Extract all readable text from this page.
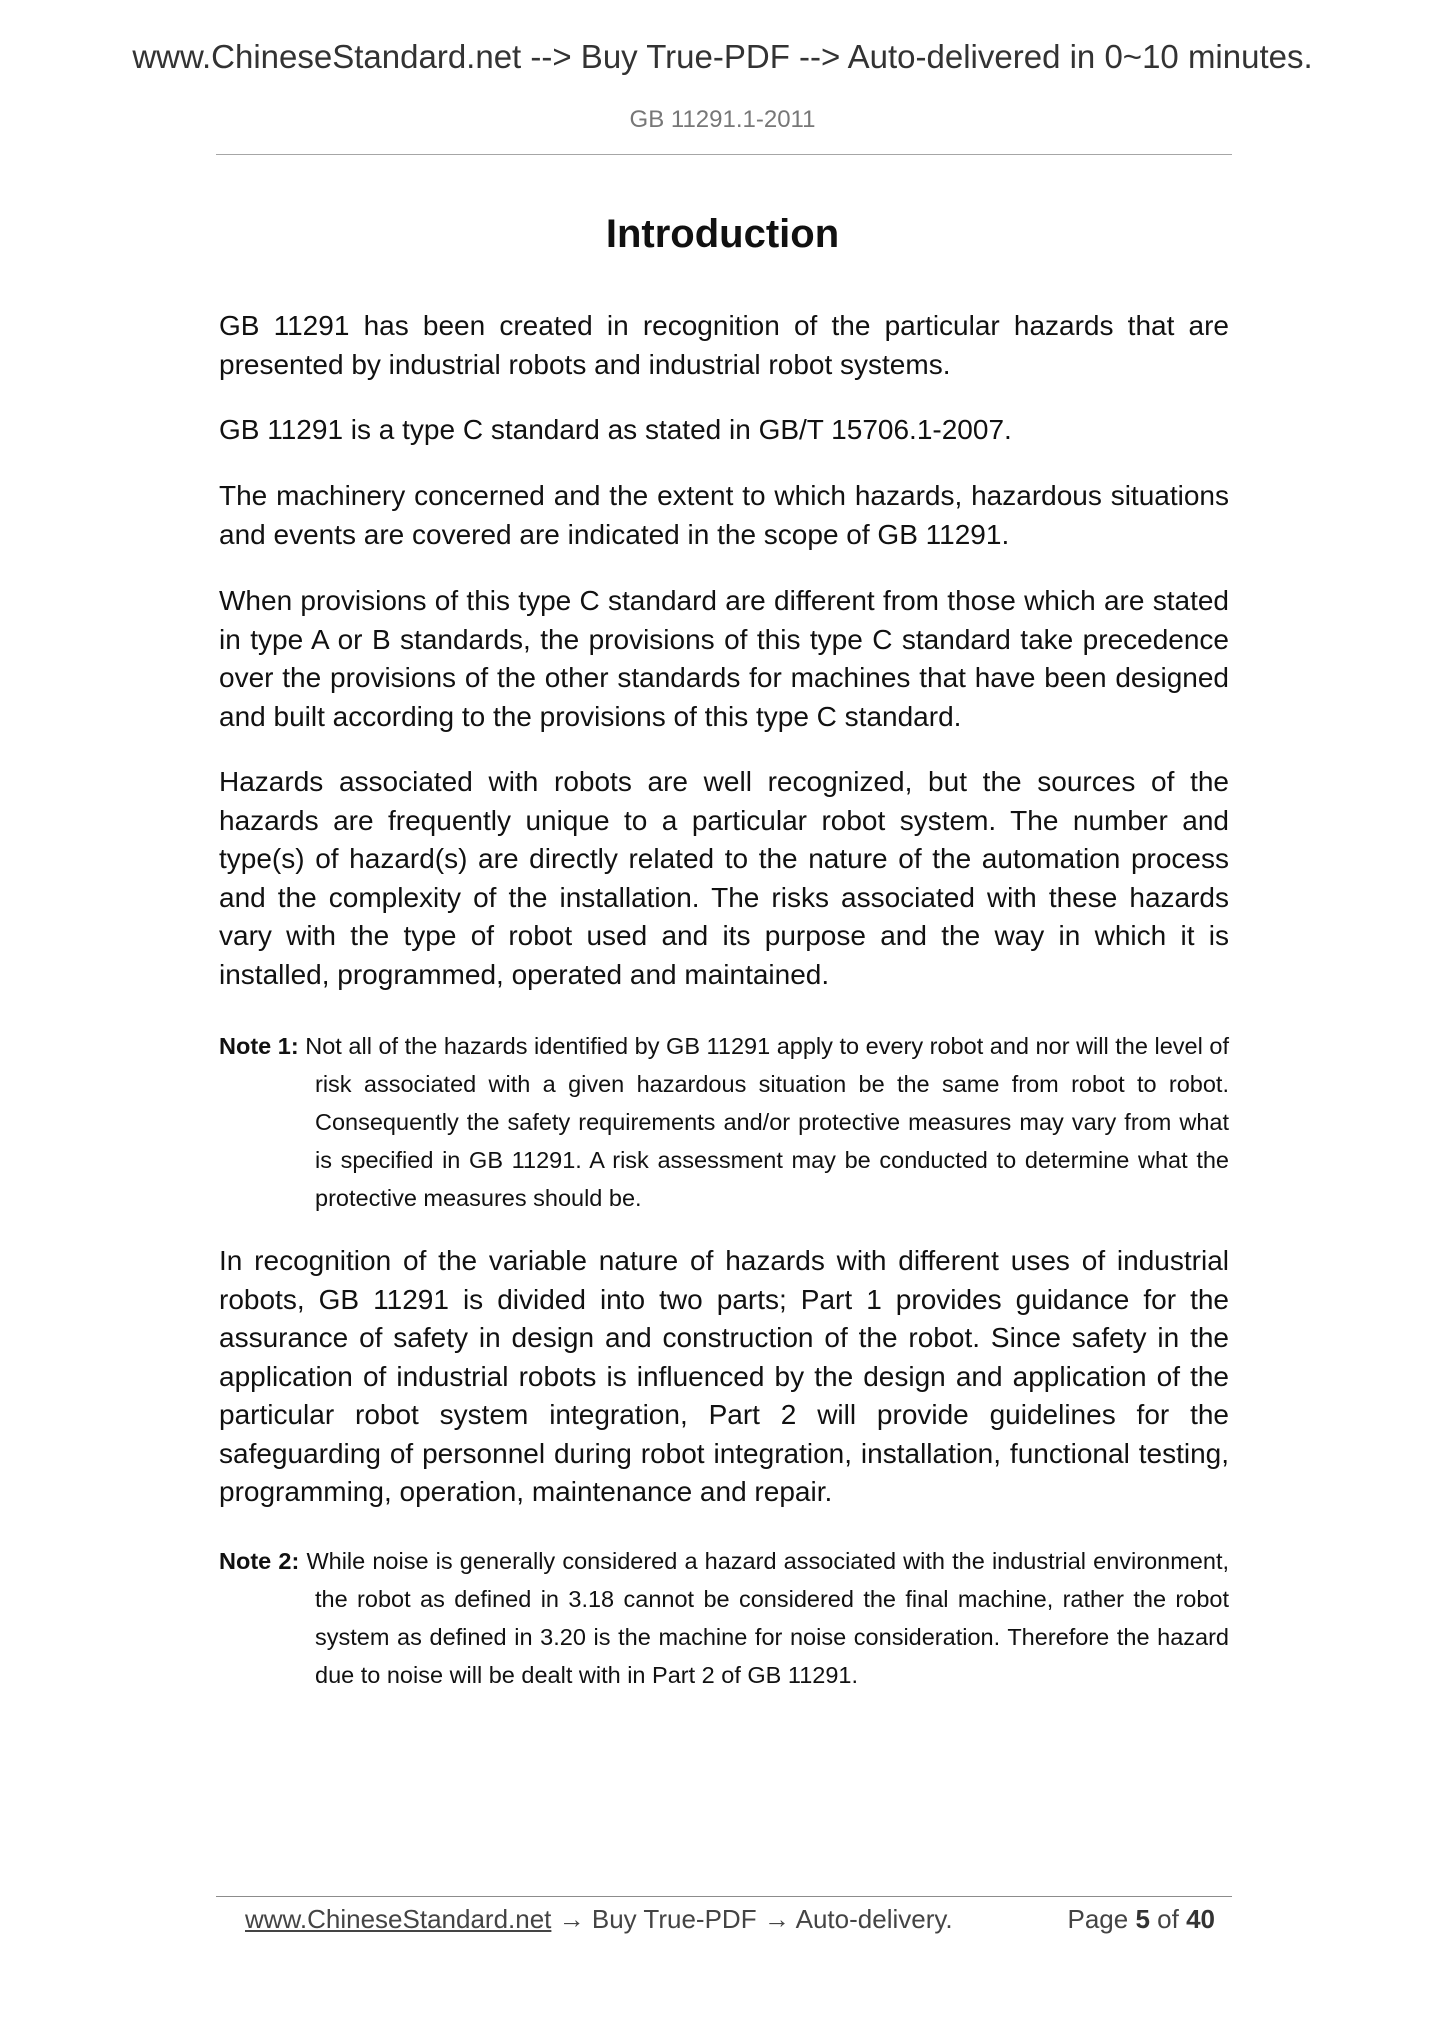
www.ChineseStandard.net --> Buy True-PDF --> Auto-delivered in 0~10 minutes.
GB 11291.1-2011
Introduction

GB 11291 has been created in recognition of the particular hazards that are presented by industrial robots and industrial robot systems.

GB 11291 is a type C standard as stated in GB/T 15706.1-2007.

The machinery concerned and the extent to which hazards, hazardous situations and events are covered are indicated in the scope of GB 11291.

When provisions of this type C standard are different from those which are stated in type A or B standards, the provisions of this type C standard take precedence over the provisions of the other standards for machines that have been designed and built according to the provisions of this type C standard.

Hazards associated with robots are well recognized, but the sources of the hazards are frequently unique to a particular robot system. The number and type(s) of hazard(s) are directly related to the nature of the automation process and the complexity of the installation. The risks associated with these hazards vary with the type of robot used and its purpose and the way in which it is installed, programmed, operated and maintained.

Note 1: Not all of the hazards identified by GB 11291 apply to every robot and nor will the level of risk associated with a given hazardous situation be the same from robot to robot. Consequently the safety requirements and/or protective measures may vary from what is specified in GB 11291. A risk assessment may be conducted to determine what the protective measures should be.

In recognition of the variable nature of hazards with different uses of industrial robots, GB 11291 is divided into two parts; Part 1 provides guidance for the assurance of safety in design and construction of the robot. Since safety in the application of industrial robots is influenced by the design and application of the particular robot system integration, Part 2 will provide guidelines for the safeguarding of personnel during robot integration, installation, functional testing, programming, operation, maintenance and repair.

Note 2: While noise is generally considered a hazard associated with the industrial environment, the robot as defined in 3.18 cannot be considered the final machine, rather the robot system as defined in 3.20 is the machine for noise consideration. Therefore the hazard due to noise will be dealt with in Part 2 of GB 11291.

www.ChineseStandard.net → Buy True-PDF → Auto-delivery.	Page 5 of 40
